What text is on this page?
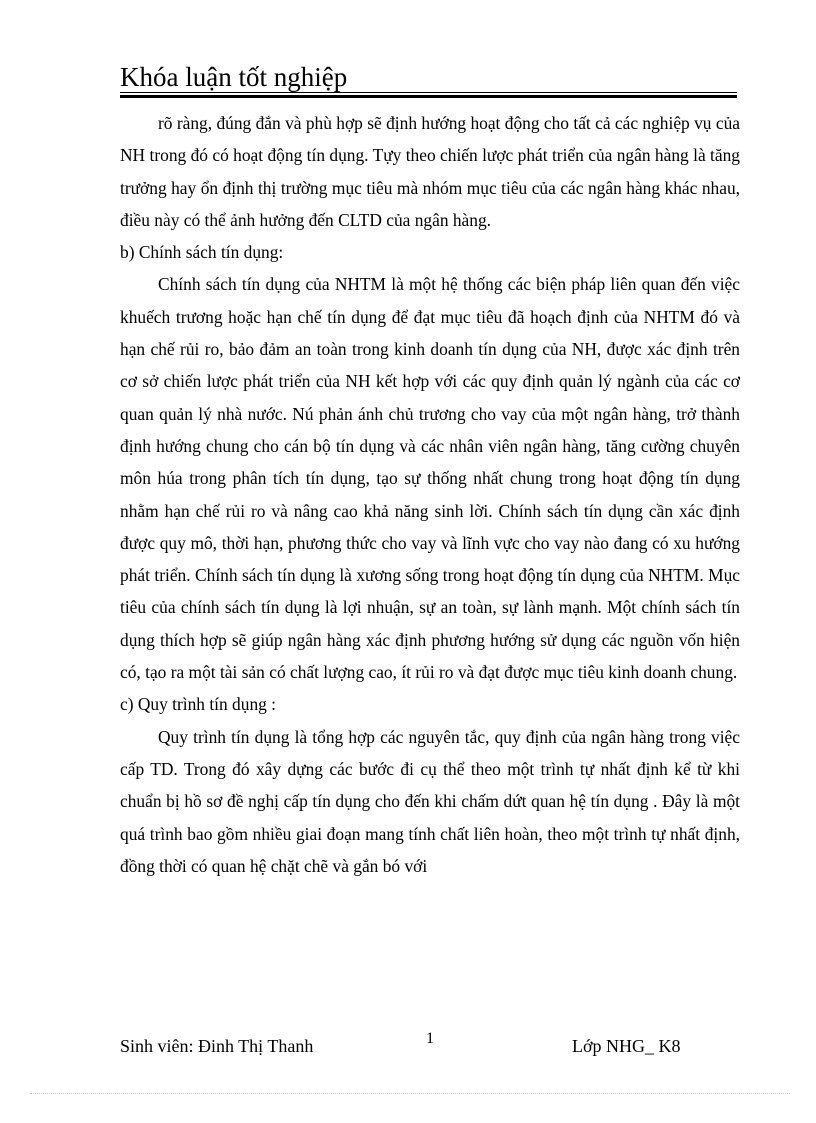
Khóa luận tốt nghiệp

rõ ràng, đúng đắn và phù hợp sẽ định hướng hoạt động cho tất cả các nghiệp vụ của NH trong đó có hoạt động tín dụng. Tựy theo chiến lược phát triển của ngân hàng là tăng trưởng hay ổn định thị trường mục tiêu mà nhóm mục tiêu của các ngân hàng khác nhau, điều này có thể ảnh hưởng đến CLTD của ngân hàng.

b) Chính sách tín dụng:

Chính sách tín dụng của NHTM là một hệ thống các biện pháp liên quan đến việc khuếch trương hoặc hạn chế tín dụng để đạt mục tiêu đã hoạch định của NHTM đó và hạn chế rủi ro, bảo đảm an toàn trong kinh doanh tín dụng của NH, được xác định trên cơ sở chiến lược phát triển của NH kết hợp với các quy định quản lý ngành của các cơ quan quản lý nhà nước. Nú phản ánh chủ trương cho vay của một ngân hàng, trở thành định hướng chung cho cán bộ tín dụng và các nhân viên ngân hàng, tăng cường chuyên môn húa trong phân tích tín dụng, tạo sự thống nhất chung trong hoạt động tín dụng nhằm hạn chế rủi ro và nâng cao khả năng sinh lời. Chính sách tín dụng cần xác định được quy mô, thời hạn, phương thức cho vay và lĩnh vực cho vay nào đang có xu hướng phát triển. Chính sách tín dụng là xương sống trong hoạt động tín dụng của NHTM. Mục tiêu của chính sách tín dụng là lợi nhuận, sự an toàn, sự lành mạnh. Một chính sách tín dụng thích hợp sẽ giúp ngân hàng xác định phương hướng sử dụng các nguồn vốn hiện có, tạo ra một tài sản có chất lượng cao, ít rủi ro và đạt được mục tiêu kinh doanh chung.

c) Quy trình tín dụng :

Quy trình tín dụng là tổng hợp các nguyên tắc, quy định của ngân hàng trong việc cấp TD. Trong đó xây dựng các bước đi cụ thể theo một trình tự nhất định kể từ khi chuẩn bị hồ sơ đề nghị cấp tín dụng cho đến khi chấm dứt quan hệ tín dụng . Đây là một quá trình bao gồm nhiều giai đoạn mang tính chất liên hoàn, theo một trình tự nhất định, đồng thời có quan hệ chặt chẽ và gắn bó với

Sinh viên: Đinh Thị Thanh	1	Lớp NHG_ K8
